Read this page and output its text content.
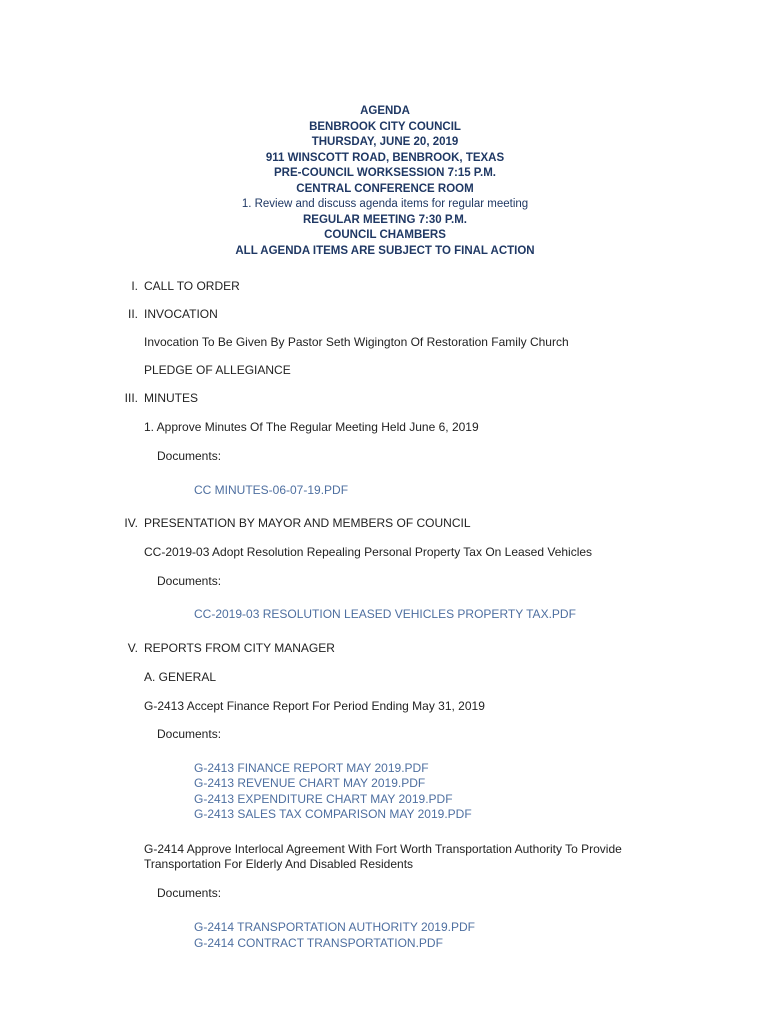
AGENDA
BENBROOK CITY COUNCIL
THURSDAY, JUNE 20, 2019
911 WINSCOTT ROAD, BENBROOK, TEXAS
PRE-COUNCIL WORKSESSION 7:15 P.M.
CENTRAL CONFERENCE ROOM
1. Review and discuss agenda items for regular meeting
REGULAR MEETING 7:30 P.M.
COUNCIL CHAMBERS
ALL AGENDA ITEMS ARE SUBJECT TO FINAL ACTION
I. CALL TO ORDER
II. INVOCATION
Invocation To Be Given By Pastor Seth Wigington Of Restoration Family Church
PLEDGE OF ALLEGIANCE
III. MINUTES
1. Approve Minutes Of The Regular Meeting Held June 6, 2019
Documents:
CC MINUTES-06-07-19.PDF
IV. PRESENTATION BY MAYOR AND MEMBERS OF COUNCIL
CC-2019-03 Adopt Resolution Repealing Personal Property Tax On Leased Vehicles
Documents:
CC-2019-03 RESOLUTION LEASED VEHICLES PROPERTY TAX.PDF
V. REPORTS FROM CITY MANAGER
A. GENERAL
G-2413 Accept Finance Report For Period Ending May 31, 2019
Documents:
G-2413 FINANCE REPORT MAY 2019.PDF
G-2413 REVENUE CHART MAY 2019.PDF
G-2413 EXPENDITURE CHART MAY 2019.PDF
G-2413 SALES TAX COMPARISON MAY 2019.PDF
G-2414 Approve Interlocal Agreement With Fort Worth Transportation Authority To Provide
Transportation For Elderly And Disabled Residents
Documents:
G-2414 TRANSPORTATION AUTHORITY 2019.PDF
G-2414 CONTRACT TRANSPORTATION.PDF
